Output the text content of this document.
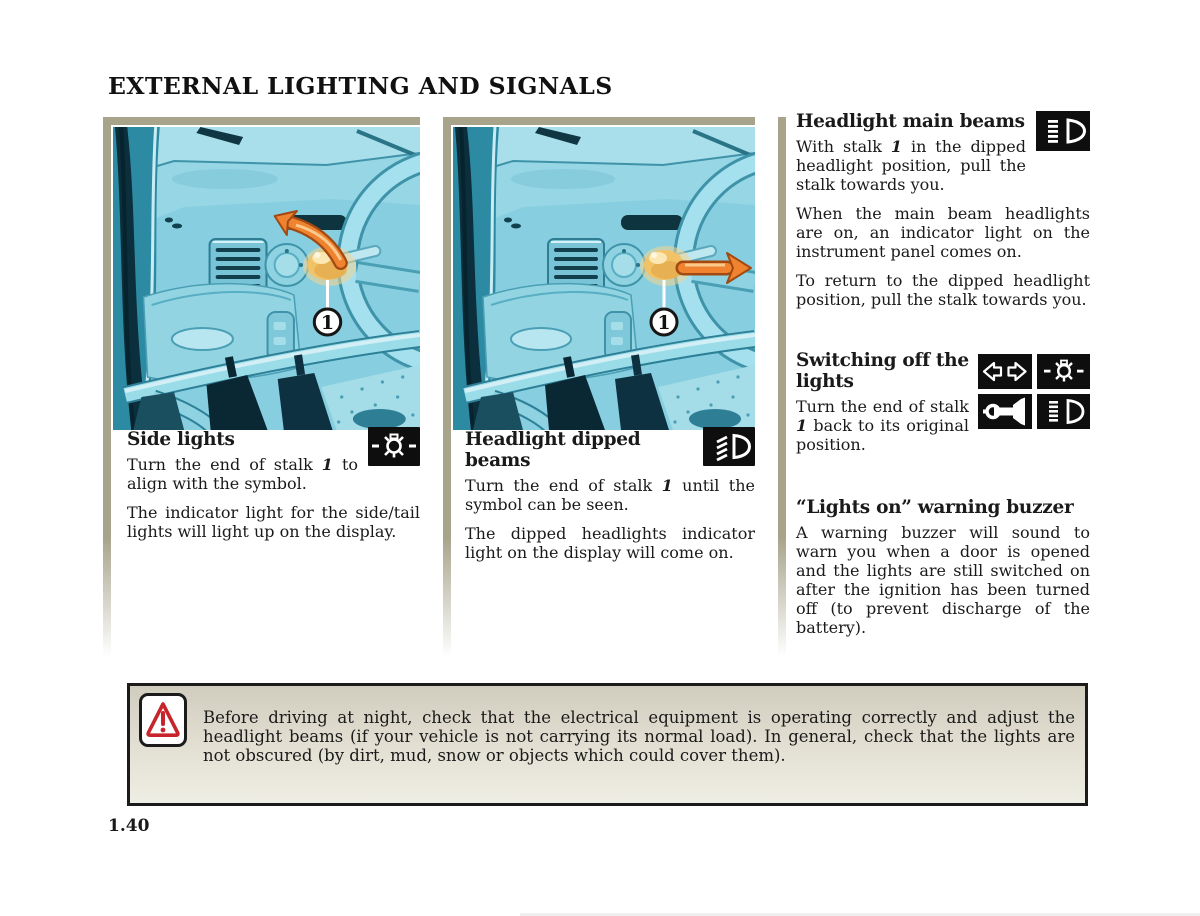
EXTERNAL LIGHTING AND SIGNALS
1
Side lights

Turn the end of stalk 1 to align with the symbol.

The indicator light for the side/tail lights will light up on the display.

1
Headlight dipped beams

Turn the end of stalk 1 until the symbol can be seen.

The dipped headlights indicator light on the display will come on.

Headlight main beams

With stalk 1 in the dipped headlight position, pull the stalk towards you.

When the main beam headlights are on, an indicator light on the instrument panel comes on.

To return to the dipped headlight position, pull the stalk towards you.

Switching off the lights

Turn the end of stalk 1 back to its original position.

“Lights on” warning buzzer

A warning buzzer will sound to warn you when a door is opened and the lights are still switched on after the ignition has been turned off (to prevent discharge of the battery).

Before driving at night, check that the electrical equipment is operating correctly and adjust the headlight beams (if your vehicle is not carrying its normal load). In general, check that the lights are not obscured (by dirt, mud, snow or objects which could cover them).

1.40
